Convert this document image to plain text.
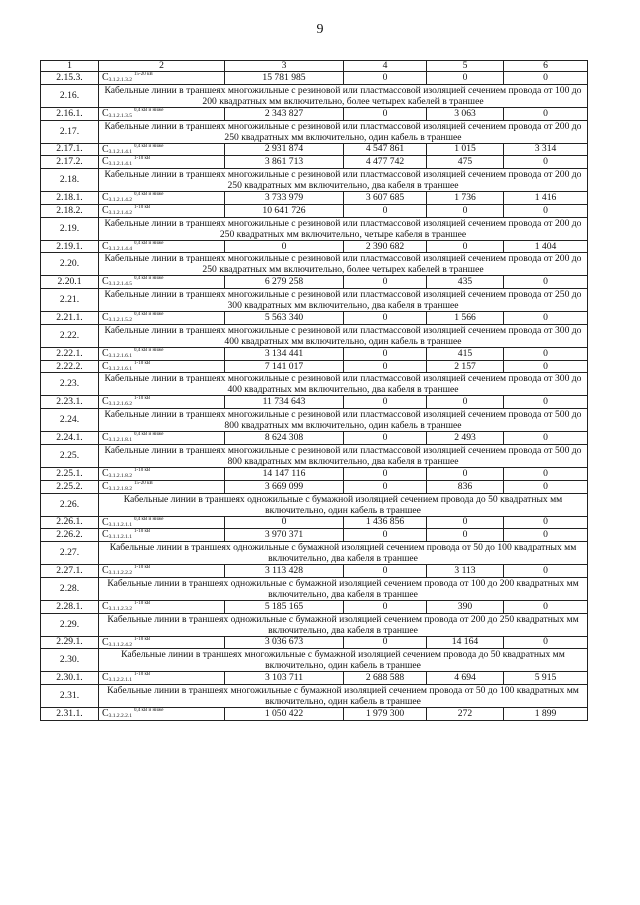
9
1	2	3	4	5	6
2.15.3.	$С3.1.2.1.3.2^{15-20 кВ}$	15 781 985	0	0	0
2.16.	Кабельные линии в траншеях многожильные с резиновой или пластмассовой изоляцией сечением провода от 100 до 200 квадратных мм включительно, более четырех кабелей в траншее				
2.16.1.	$С3.1.2.1.3.5^{0,4 кВ и ниже}$	2 343 827	0	3 063	0
2.17.	Кабельные линии в траншеях многожильные с резиновой или пластмассовой изоляцией сечением провода от 200 до 250 квадратных мм включительно, один кабель в траншее				
2.17.1.	$С3.1.2.1.4.1^{0,4 кВ и ниже}$	2 931 874	4 547 861	1 015	3 314
2.17.2.	$С3.1.2.1.4.1^{1-10 кВ}$	3 861 713	4 477 742	475	0
2.18.	Кабельные линии в траншеях многожильные с резиновой или пластмассовой изоляцией сечением провода от 200 до 250 квадратных мм включительно, два кабеля в траншее				
2.18.1.	$С3.1.2.1.4.2^{0,4 кВ и ниже}$	3 733 979	3 607 685	1 736	1 416
2.18.2.	$С3.1.2.1.4.2^{1-10 кВ}$	10 641 726	0	0	0
2.19.	Кабельные линии в траншеях многожильные с резиновой или пластмассовой изоляцией сечением провода от 200 до 250 квадратных мм включительно, четыре кабеля в траншее				
2.19.1.	$С3.1.2.1.4.4^{0,4 кВ и ниже}$	0	2 390 682	0	1 404
2.20.	Кабельные линии в траншеях многожильные с резиновой или пластмассовой изоляцией сечением провода от 200 до 250 квадратных мм включительно, более четырех кабелей в траншее				
2.20.1	$С3.1.2.1.4.5^{0,4 кВ и ниже}$	6 279 258	0	435	0
2.21.	Кабельные линии в траншеях многожильные с резиновой или пластмассовой изоляцией сечением провода от 250 до 300 квадратных мм включительно, два кабеля в траншее				
2.21.1.	$С3.1.2.1.5.2^{0,4 кВ и ниже}$	5 563 340	0	1 566	0
2.22.	Кабельные линии в траншеях многожильные с резиновой или пластмассовой изоляцией сечением провода от 300 до 400 квадратных мм включительно, один кабель в траншее				
2.22.1.	$С3.1.2.1.6.1^{0,4 кВ и ниже}$	3 134 441	0	415	0
2.22.2.	$С3.1.2.1.6.1^{1-10 кВ}$	7 141 017	0	2 157	0
2.23.	Кабельные линии в траншеях многожильные с резиновой или пластмассовой изоляцией сечением провода от 300 до 400 квадратных мм включительно, два кабеля в траншее				
2.23.1.	$С3.1.2.1.6.2^{1-10 кВ}$	11 734 643	0	0	0
2.24.	Кабельные линии в траншеях многожильные с резиновой или пластмассовой изоляцией сечением провода от 500 до 800 квадратных мм включительно, один кабель в траншее				
2.24.1.	$С3.1.2.1.8.1^{0,4 кВ и ниже}$	8 624 308	0	2 493	0
2.25.	Кабельные линии в траншеях многожильные с резиновой или пластмассовой изоляцией сечением провода от 500 до 800 квадратных мм включительно, два кабеля в траншее				
2.25.1.	$С3.1.2.1.8.2^{1-10 кВ}$	14 147 116	0	0	0
2.25.2.	$С3.1.2.1.8.2^{15-20 кВ}$	3 669 099	0	836	0
2.26.	Кабельные линии в траншеях одножильные с бумажной изоляцией сечением провода до 50 квадратных мм включительно, один кабель в траншее				
2.26.1.	$С3.1.1.2.1.1^{0,4 кВ и ниже}$	0	1 436 856	0	0
2.26.2.	$С3.1.1.2.1.1^{1-10 кВ}$	3 970 371	0	0	0
2.27.	Кабельные линии в траншеях одножильные с бумажной изоляцией сечением провода от 50 до 100 квадратных мм включительно, два кабеля в траншее				
2.27.1.	$С3.1.1.2.2.2^{1-10 кВ}$	3 113 428	0	3 113	0
2.28.	Кабельные линии в траншеях одножильные с бумажной изоляцией сечением провода от 100 до 200 квадратных мм включительно, два кабеля в траншее				
2.28.1.	$С3.1.1.2.3.2^{1-10 кВ}$	5 185 165	0	390	0
2.29.	Кабельные линии в траншеях одножильные с бумажной изоляцией сечением провода от 200 до 250 квадратных мм включительно, два кабеля в траншее				
2.29.1.	$С3.1.1.2.4.2^{1-10 кВ}$	3 036 673	0	14 164	0
2.30.	Кабельные линии в траншеях многожильные с бумажной изоляцией сечением провода до 50 квадратных мм включительно, один кабель в траншее				
2.30.1.	$С3.1.2.2.1.1^{1-10 кВ}$	3 103 711	2 688 588	4 694	5 915
2.31.	Кабельные линии в траншеях многожильные с бумажной изоляцией сечением провода от 50 до 100 квадратных мм включительно, один кабель в траншее				
2.31.1.	$С3.1.2.2.2.1^{0,4 кВ и ниже}$	1 050 422	1 979 300	272	1 899
